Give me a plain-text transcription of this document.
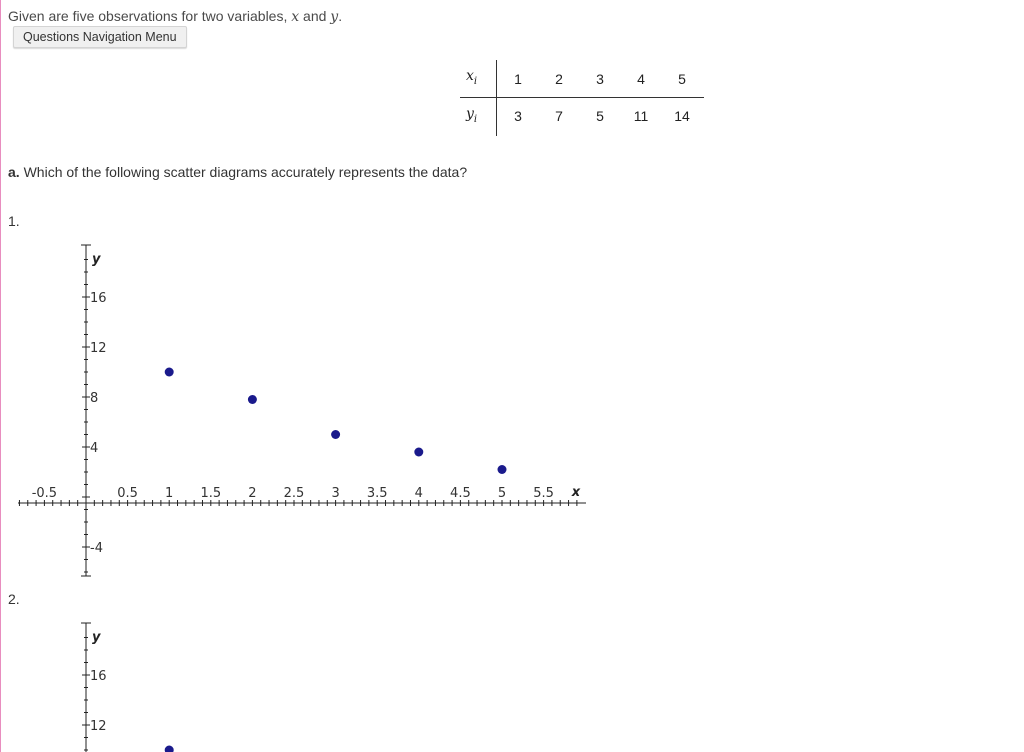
Given are five observations for two variables, x and y.
Questions Navigation Menu
$x_i$
$y_i$
1	2	3	4	5
3	7	5	11	14
a. Which of the following scatter diagrams accurately represents the data?
1.
16
12
8
4
-4
y
-0.5	0.5 1 1.5 2 2.5 3 3.5 4 4.5 5 5.5 x
2.
16
12
y
